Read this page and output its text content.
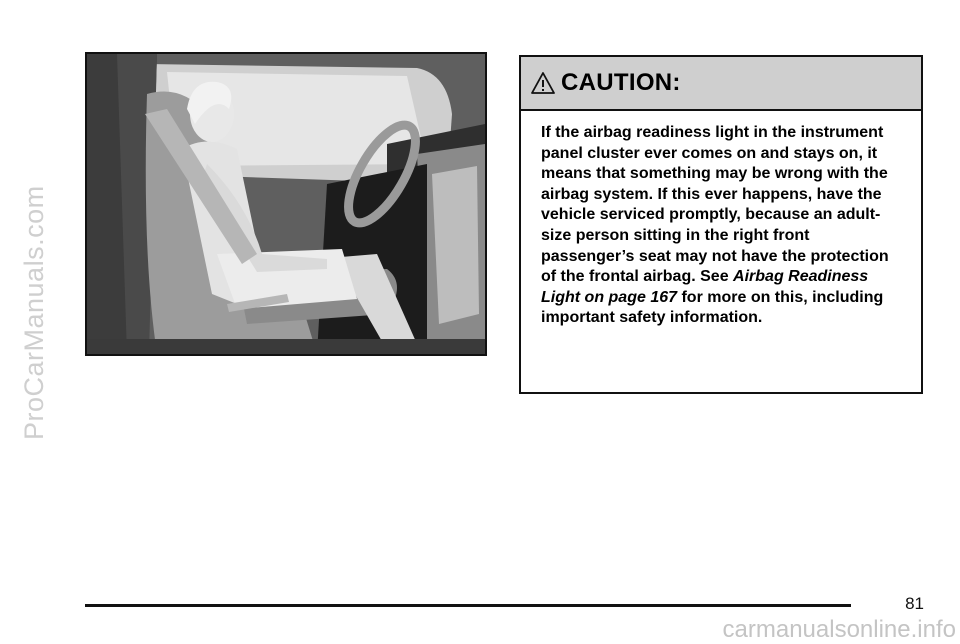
ProCarManuals.com
CAUTION:
If the airbag readiness light in the instrument panel cluster ever comes on and stays on, it means that something may be wrong with the airbag system. If this ever happens, have the vehicle serviced promptly, because an adult-size person sitting in the right front passenger’s seat may not have the protection of the frontal airbag. See Airbag Readiness Light on page 167 for more on this, including important safety information.
81
carmanualsonline.info
